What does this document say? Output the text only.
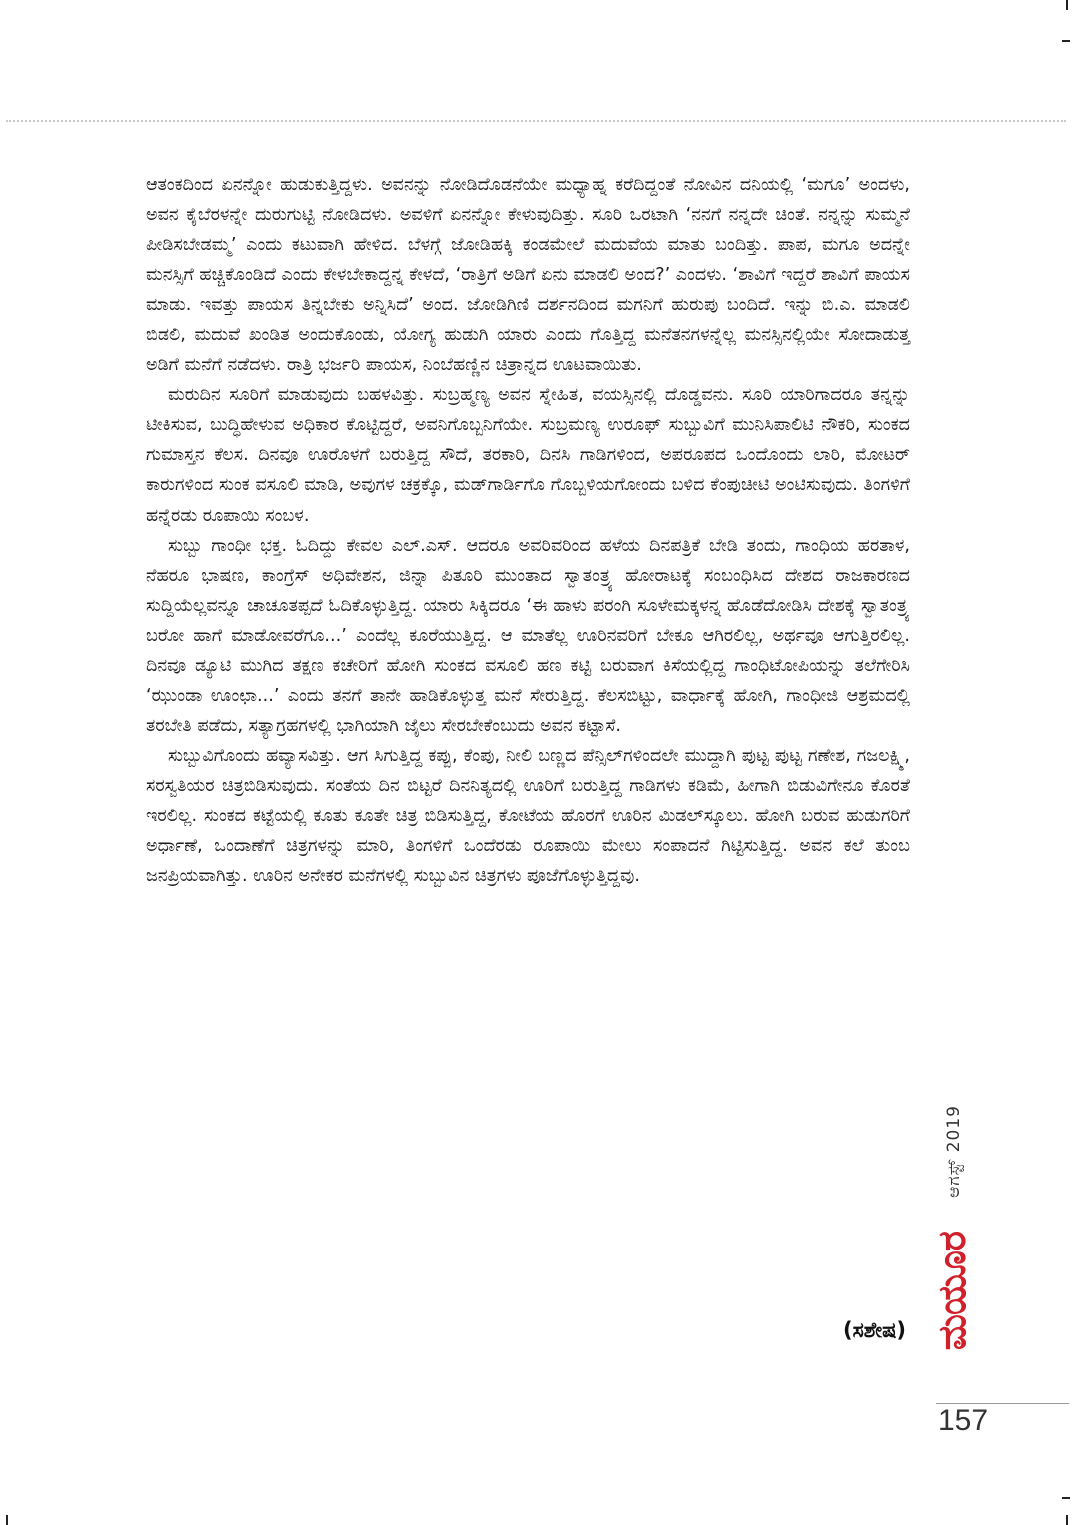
ಆತಂಕದಿಂದ ಏನನ್ನೋ ಹುಡುಕುತ್ತಿದ್ದಳು. ಅವನನ್ನು ನೋಡಿದೊಡನೆಯೇ ಮಧ್ಯಾಹ್ನ ಕರೆದಿದ್ದಂತೆ ನೋವಿನ ದನಿಯಲ್ಲಿ ‘ಮಗೂ’ ಅಂದಳು, ಅವನ ಕೈಬೆರಳನ್ನೇ ದುರುಗುಟ್ಟಿ ನೋಡಿದಳು. ಅವಳಿಗೆ ಏನನ್ನೋ ಕೇಳುವುದಿತ್ತು. ಸೂರಿ ಒರಟಾಗಿ ‘ನನಗೆ ನನ್ನದೇ ಚಿಂತೆ. ನನ್ನನ್ನು ಸುಮ್ಮನೆ ಪೀಡಿಸಬೇಡಮ್ಮ’ ಎಂದು ಕಟುವಾಗಿ ಹೇಳಿದ. ಬೆಳಗ್ಗೆ ಜೋಡಿಹಕ್ಕಿ ಕಂಡಮೇಲೆ ಮದುವೆಯ ಮಾತು ಬಂದಿತ್ತು. ಪಾಪ, ಮಗೂ ಅದನ್ನೇ ಮನಸ್ಸಿಗೆ ಹಚ್ಚಿಕೊಂಡಿದೆ ಎಂದು ಕೇಳಬೇಕಾದ್ದನ್ನ ಕೇಳದೆ, ‘ರಾತ್ರಿಗೆ ಅಡಿಗೆ ಏನು ಮಾಡಲಿ ಅಂದ?’ ಎಂದಳು. ‘ಶಾವಿಗೆ ಇದ್ದರೆ ಶಾವಿಗೆ ಪಾಯಸ ಮಾಡು. ಇವತ್ತು ಪಾಯಸ ತಿನ್ನಬೇಕು ಅನ್ನಿಸಿದೆ’ ಅಂದ. ಜೋಡಿಗಿಣಿ ದರ್ಶನದಿಂದ ಮಗನಿಗೆ ಹುರುಪು ಬಂದಿದೆ. ಇನ್ನು ಬಿ.ಎ. ಮಾಡಲಿ ಬಿಡಲಿ, ಮದುವೆ ಖಂಡಿತ ಅಂದುಕೊಂಡು, ಯೋಗ್ಯ ಹುಡುಗಿ ಯಾರು ಎಂದು ಗೊತ್ತಿದ್ದ ಮನೆತನಗಳನ್ನೆಲ್ಲ ಮನಸ್ಸಿನಲ್ಲಿಯೇ ಸೋದಾಡುತ್ತ ಅಡಿಗೆ ಮನೆಗೆ ನಡೆದಳು. ರಾತ್ರಿ ಭರ್ಜರಿ ಪಾಯಸ, ನಿಂಬೆಹಣ್ಣಿನ ಚಿತ್ರಾನ್ನದ ಊಟವಾಯಿತು.

ಮರುದಿನ ಸೂರಿಗೆ ಮಾಡುವುದು ಬಹಳವಿತ್ತು. ಸುಬ್ರಹ್ಮಣ್ಯ ಅವನ ಸ್ನೇಹಿತ, ವಯಸ್ಸಿನಲ್ಲಿ ದೊಡ್ಡವನು. ಸೂರಿ ಯಾರಿಗಾದರೂ ತನ್ನನ್ನು ಟೀಕಿಸುವ, ಬುದ್ಧಿಹೇಳುವ ಅಧಿಕಾರ ಕೊಟ್ಟಿದ್ದರೆ, ಅವನಿಗೊಬ್ಬನಿಗೆಯೇ. ಸುಬ್ರಮಣ್ಯ ಉರೂಫ್ ಸುಬ್ಬುವಿಗೆ ಮುನಿಸಿಪಾಲಿಟಿ ನೌಕರಿ, ಸುಂಕದ ಗುಮಾಸ್ತನ ಕೆಲಸ. ದಿನವೂ ಊರೊಳಗೆ ಬರುತ್ತಿದ್ದ ಸೌದೆ, ತರಕಾರಿ, ದಿನಸಿ ಗಾಡಿಗಳಿಂದ, ಅಪರೂಪದ ಒಂದೊಂದು ಲಾರಿ, ಮೋಟರ್ ಕಾರುಗಳಿಂದ ಸುಂಕ ವಸೂಲಿ ಮಾಡಿ, ಅವುಗಳ ಚಕ್ರಕ್ಕೊ, ಮಡ್‌ಗಾರ್ಡಿಗೊ ಗೊಬ್ಬಳಿಯಗೋಂದು ಬಳಿದ ಕೆಂಪುಚೀಟಿ ಅಂಟಿಸುವುದು. ತಿಂಗಳಿಗೆ ಹನ್ನೆರಡು ರೂಪಾಯಿ ಸಂಬಳ.

ಸುಬ್ಬು ಗಾಂಧೀ ಭಕ್ತ. ಓದಿದ್ದು ಕೇವಲ ಎಲ್.ಎಸ್. ಆದರೂ ಅವರಿವರಿಂದ ಹಳೆಯ ದಿನಪತ್ರಿಕೆ ಬೇಡಿ ತಂದು, ಗಾಂಧಿಯ ಹರತಾಳ, ನೆಹರೂ ಭಾಷಣ, ಕಾಂಗ್ರೆಸ್ ಅಧಿವೇಶನ, ಜಿನ್ನಾ ಪಿತೂರಿ ಮುಂತಾದ ಸ್ವಾತಂತ್ರ್ಯ ಹೋರಾಟಕ್ಕೆ ಸಂಬಂಧಿಸಿದ ದೇಶದ ರಾಜಕಾರಣದ ಸುದ್ದಿಯೆಲ್ಲವನ್ನೂ ಚಾಚೂತಪ್ಪದೆ ಓದಿಕೊಳ್ಳುತ್ತಿದ್ದ. ಯಾರು ಸಿಕ್ಕಿದರೂ ‘ಈ ಹಾಳು ಪರಂಗಿ ಸೂಳೇಮಕ್ಕಳನ್ನ ಹೊಡೆದೋಡಿಸಿ ದೇಶಕ್ಕೆ ಸ್ವಾತಂತ್ರ್ಯ ಬರೋ ಹಾಗೆ ಮಾಡೋವರೆಗೂ...’ ಎಂದೆಲ್ಲ ಕೂರೆಯುತ್ತಿದ್ದ. ಆ ಮಾತೆಲ್ಲ ಊರಿನವರಿಗೆ ಬೇಕೂ ಆಗಿರಲಿಲ್ಲ, ಅರ್ಥವೂ ಆಗುತ್ತಿರಲಿಲ್ಲ. ದಿನವೂ ಡ್ಯೂಟಿ ಮುಗಿದ ತಕ್ಷಣ ಕಚೇರಿಗೆ ಹೋಗಿ ಸುಂಕದ ವಸೂಲಿ ಹಣ ಕಟ್ಟಿ ಬರುವಾಗ ಕಿಸೆಯಲ್ಲಿದ್ದ ಗಾಂಧಿಟೋಪಿಯನ್ನು ತಲೆಗೇರಿಸಿ ‘ಝುಂಡಾ ಊಂಛಾ...’ ಎಂದು ತನಗೆ ತಾನೇ ಹಾಡಿಕೊಳ್ಳುತ್ತ ಮನೆ ಸೇರುತ್ತಿದ್ದ. ಕೆಲಸಬಿಟ್ಟು, ವಾರ್ಧಾಕ್ಕೆ ಹೋಗಿ, ಗಾಂಧೀಜಿ ಆಶ್ರಮದಲ್ಲಿ ತರಬೇತಿ ಪಡೆದು, ಸತ್ಯಾಗ್ರಹಗಳಲ್ಲಿ ಭಾಗಿಯಾಗಿ ಜೈಲು ಸೇರಬೇಕೆಂಬುದು ಅವನ ಕಟ್ಟಾಸೆ.

ಸುಬ್ಬುವಿಗೊಂದು ಹವ್ಯಾಸವಿತ್ತು. ಆಗ ಸಿಗುತ್ತಿದ್ದ ಕಪ್ಪು, ಕೆಂಪು, ನೀಲಿ ಬಣ್ಣದ ಪೆನ್ಸಿಲ್‌ಗಳಿಂದಲೇ ಮುದ್ದಾಗಿ ಪುಟ್ಟ ಪುಟ್ಟ ಗಣೇಶ, ಗಜಲಕ್ಷ್ಮಿ, ಸರಸ್ವತಿಯರ ಚಿತ್ರಬಿಡಿಸುವುದು. ಸಂತೆಯ ದಿನ ಬಿಟ್ಟರೆ ದಿನನಿತ್ಯದಲ್ಲಿ ಊರಿಗೆ ಬರುತ್ತಿದ್ದ ಗಾಡಿಗಳು ಕಡಿಮೆ, ಹೀಗಾಗಿ ಬಿಡುವಿಗೇನೂ ಕೊರತೆ ಇರಲಿಲ್ಲ. ಸುಂಕದ ಕಟ್ಟೆಯಲ್ಲಿ ಕೂತು ಕೂತೇ ಚಿತ್ರ ಬಿಡಿಸುತ್ತಿದ್ದ, ಕೋಟೆಯ ಹೊರಗೆ ಊರಿನ ಮಿಡಲ್‌ಸ್ಕೂಲು. ಹೋಗಿ ಬರುವ ಹುಡುಗರಿಗೆ ಅರ್ಧಾಣೆ, ಒಂದಾಣೆಗೆ ಚಿತ್ರಗಳನ್ನು ಮಾರಿ, ತಿಂಗಳಿಗೆ ಒಂದೆರಡು ರೂಪಾಯಿ ಮೇಲು ಸಂಪಾದನೆ ಗಿಟ್ಟಿಸುತ್ತಿದ್ದ. ಅವನ ಕಲೆ ತುಂಬ ಜನಪ್ರಿಯವಾಗಿತ್ತು. ಊರಿನ ಅನೇಕರ ಮನೆಗಳಲ್ಲಿ ಸುಬ್ಬುವಿನ ಚಿತ್ರಗಳು ಪೂಜೆಗೊಳ್ಳುತ್ತಿದ್ದವು.

(ಸಶೇಷ)
ಆಗಸ್ಟ್ 2019
ಮಯೂರ
157
